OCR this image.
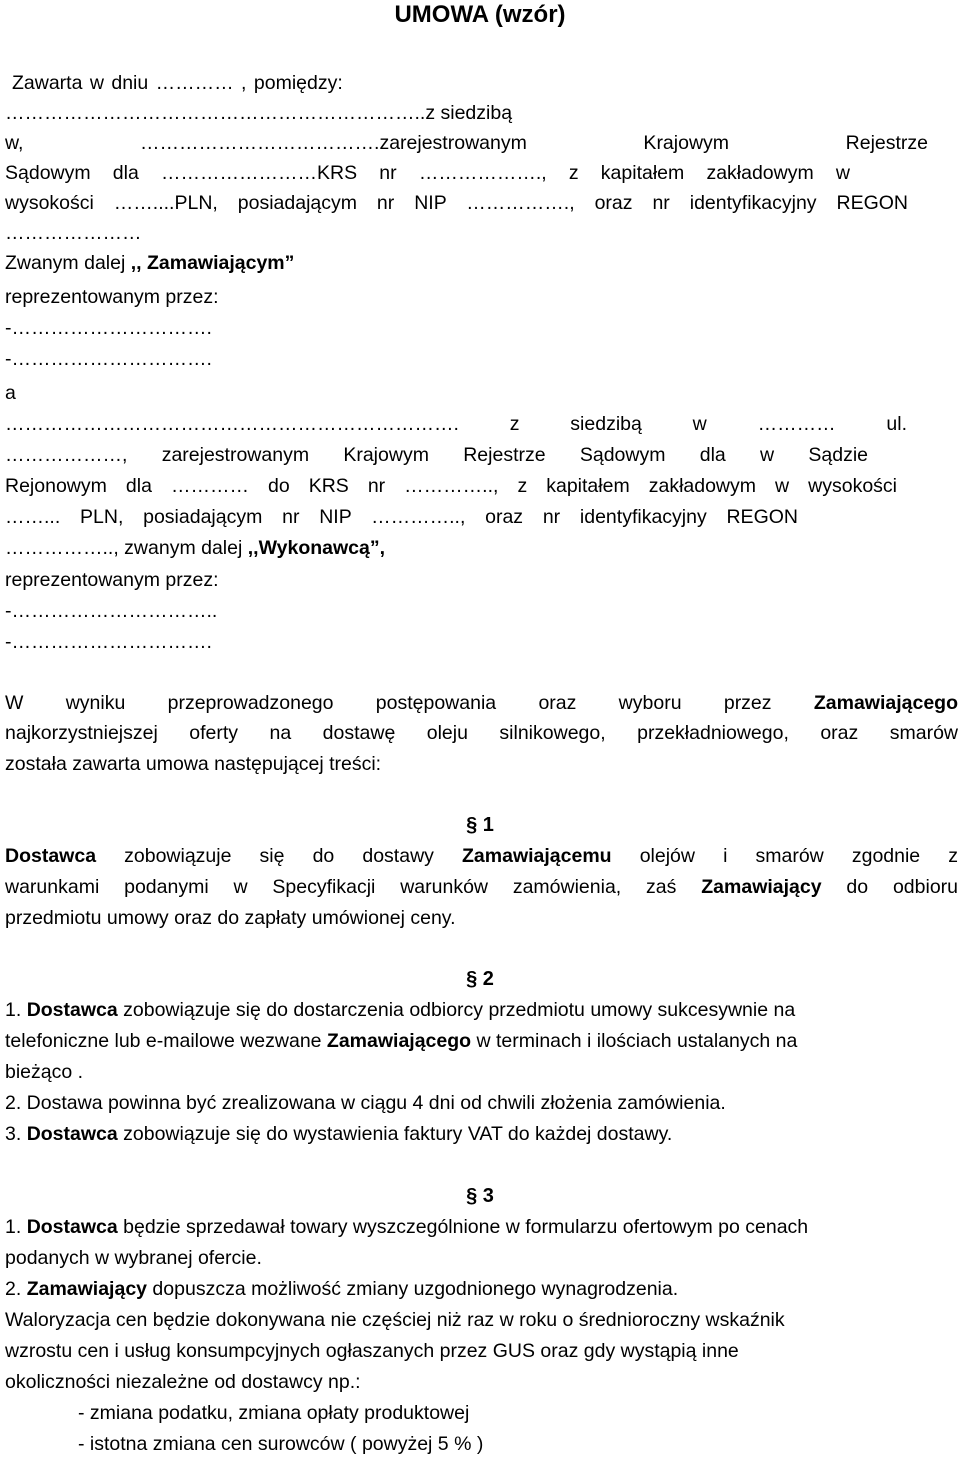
UMOWA (wzór)
Zawarta w dniu ………… , pomiędzy:
………………………………………………………..z siedzibą
w, ……………………………….zarejestrowanym Krajowym Rejestrze
Sądowym dla ……………………KRS nr ………………., z kapitałem zakładowym w
wysokości ……....PLN, posiadającym nr NIP ……………., oraz nr identyfikacyjny REGON
…………………
Zwanym dalej ,, Zamawiającym”
reprezentowanym przez:
-………………………….
-………………………….
a
……………………………………………………………. z siedzibą w ………… ul.
………………, zarejestrowanym Krajowym Rejestrze Sądowym dla w Sądzie
Rejonowym dla ………… do KRS nr ………….., z kapitałem zakładowym w wysokości
……... PLN, posiadającym nr NIP ………….., oraz nr identyfikacyjny REGON
…………….., zwanym dalej ,,Wykonawcą”,
reprezentowanym przez:
-…………………………..
-………………………….
W wyniku przeprowadzonego postępowania oraz wyboru przez Zamawiającego
najkorzystniejszej oferty na dostawę oleju silnikowego, przekładniowego, oraz smarów
została zawarta umowa następującej treści:
§ 1
Dostawca zobowiązuje się do dostawy Zamawiającemu olejów i smarów zgodnie z
warunkami podanymi w Specyfikacji warunków zamówienia, zaś Zamawiający do odbioru
przedmiotu umowy oraz do zapłaty umówionej ceny.
§ 2
1. Dostawca zobowiązuje się do dostarczenia odbiorcy przedmiotu umowy sukcesywnie na
telefoniczne lub e-mailowe wezwane Zamawiającego w terminach i ilościach ustalanych na
bieżąco .
2. Dostawa powinna być zrealizowana w ciągu 4 dni od chwili złożenia zamówienia.
3. Dostawca zobowiązuje się do wystawienia faktury VAT do każdej dostawy.
§ 3
1. Dostawca będzie sprzedawał towary wyszczególnione w formularzu ofertowym po cenach
podanych w wybranej ofercie.
2. Zamawiający dopuszcza możliwość zmiany uzgodnionego wynagrodzenia.
Waloryzacja cen będzie dokonywana nie częściej niż raz w roku o średnioroczny wskaźnik
wzrostu cen i usług konsumpcyjnych ogłaszanych przez GUS oraz gdy wystąpią inne
okoliczności niezależne od dostawcy np.:
- zmiana podatku, zmiana opłaty produktowej
- istotna zmiana cen surowców ( powyżej 5 % )
